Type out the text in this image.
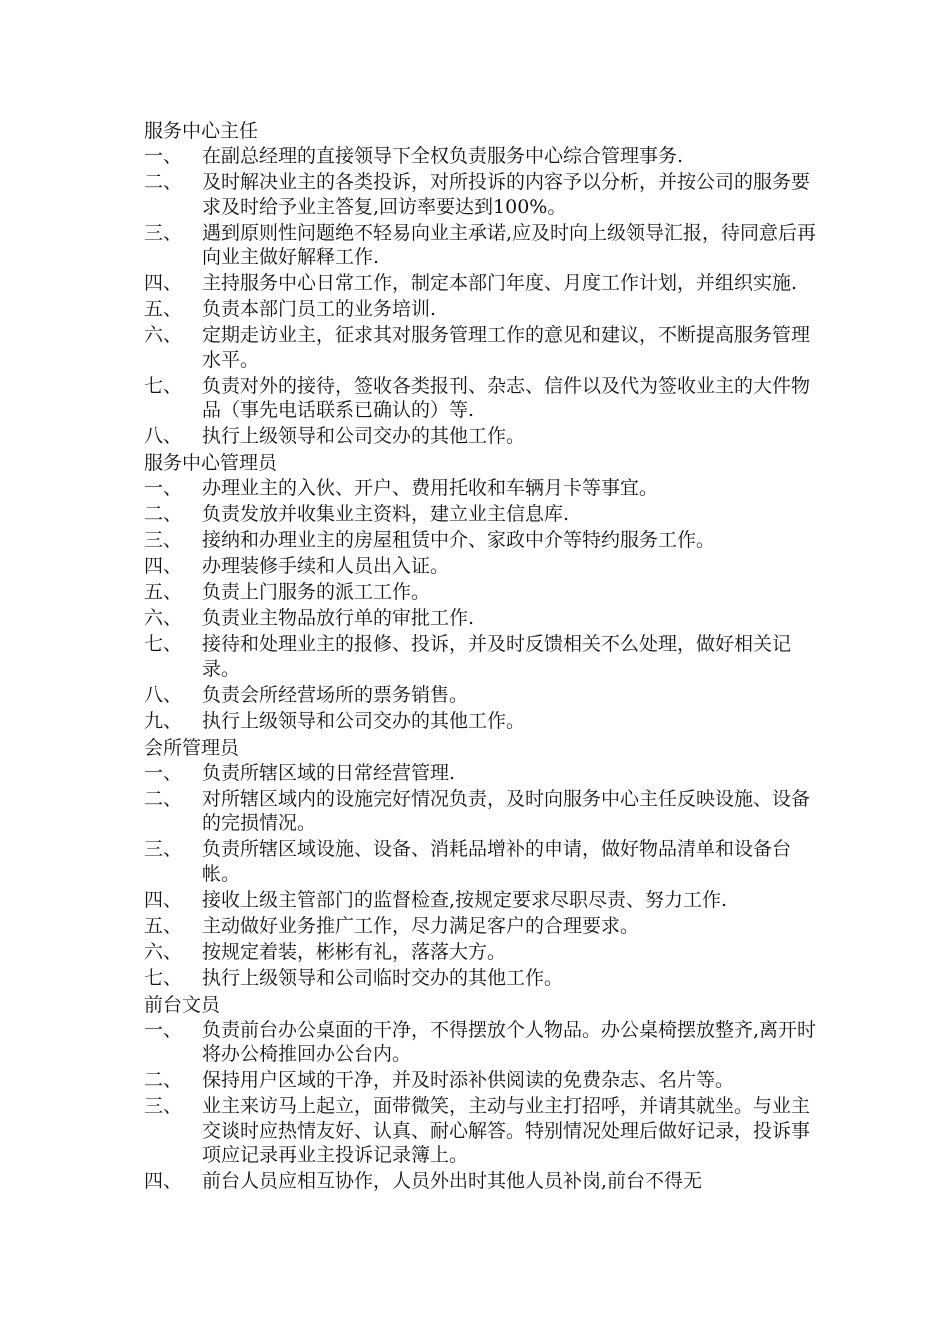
服务中心主任
一、 在副总经理的直接领导下全权负责服务中心综合管理事务.
二、 及时解决业主的各类投诉，对所投诉的内容予以分析，并按公司的服务要求及时给予业主答复,回访率要达到100%。
三、 遇到原则性问题绝不轻易向业主承诺,应及时向上级领导汇报，待同意后再向业主做好解释工作.
四、 主持服务中心日常工作，制定本部门年度、月度工作计划，并组织实施.
五、 负责本部门员工的业务培训.
六、 定期走访业主，征求其对服务管理工作的意见和建议，不断提高服务管理水平。
七、 负责对外的接待，签收各类报刊、杂志、信件以及代为签收业主的大件物品（事先电话联系已确认的）等.
八、 执行上级领导和公司交办的其他工作。
服务中心管理员
一、 办理业主的入伙、开户、费用托收和车辆月卡等事宜。
二、 负责发放并收集业主资料，建立业主信息库.
三、 接纳和办理业主的房屋租赁中介、家政中介等特约服务工作。
四、 办理装修手续和人员出入证。
五、 负责上门服务的派工工作。
六、 负责业主物品放行单的审批工作.
七、 接待和处理业主的报修、投诉，并及时反馈相关不么处理，做好相关记录。
八、 负责会所经营场所的票务销售。
九、 执行上级领导和公司交办的其他工作。
会所管理员
一、 负责所辖区域的日常经营管理.
二、 对所辖区域内的设施完好情况负责，及时向服务中心主任反映设施、设备的完损情况。
三、 负责所辖区域设施、设备、消耗品增补的申请，做好物品清单和设备台帐。
四、 接收上级主管部门的监督检查,按规定要求尽职尽责、努力工作.
五、 主动做好业务推广工作，尽力满足客户的合理要求。
六、 按规定着装，彬彬有礼，落落大方。
七、 执行上级领导和公司临时交办的其他工作。
前台文员
一、 负责前台办公桌面的干净，不得摆放个人物品。办公桌椅摆放整齐,离开时将办公椅推回办公台内。
二、 保持用户区域的干净，并及时添补供阅读的免费杂志、名片等。
三、 业主来访马上起立，面带微笑，主动与业主打招呼，并请其就坐。与业主交谈时应热情友好、认真、耐心解答。特别情况处理后做好记录，投诉事项应记录再业主投诉记录簿上。
四、 前台人员应相互协作，人员外出时其他人员补岗,前台不得无
